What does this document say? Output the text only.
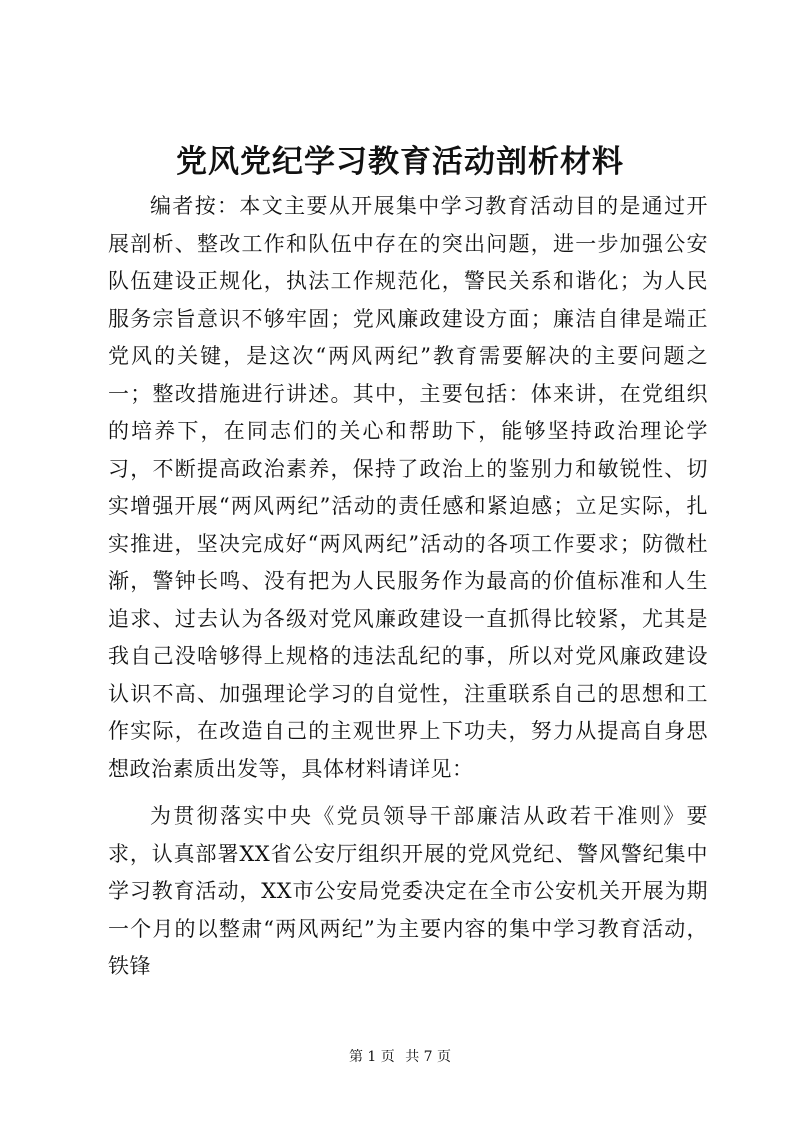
党风党纪学习教育活动剖析材料

编者按：本文主要从开展集中学习教育活动目的是通过开展剖析、整改工作和队伍中存在的突出问题，进一步加强公安队伍建设正规化，执法工作规范化，警民关系和谐化；为人民服务宗旨意识不够牢固；党风廉政建设方面；廉洁自律是端正党风的关键，是这次“两风两纪”教育需要解决的主要问题之一；整改措施进行讲述。其中，主要包括：体来讲，在党组织的培养下，在同志们的关心和帮助下，能够坚持政治理论学习，不断提高政治素养，保持了政治上的鉴别力和敏锐性、切实增强开展“两风两纪”活动的责任感和紧迫感；立足实际，扎实推进，坚决完成好“两风两纪”活动的各项工作要求；防微杜渐，警钟长鸣、没有把为人民服务作为最高的价值标准和人生追求、过去认为各级对党风廉政建设一直抓得比较紧，尤其是我自己没啥够得上规格的违法乱纪的事，所以对党风廉政建设认识不高、加强理论学习的自觉性，注重联系自己的思想和工作实际，在改造自己的主观世界上下功夫，努力从提高自身思想政治素质出发等，具体材料请详见：

为贯彻落实中央《党员领导干部廉洁从政若干准则》要求，认真部署XX省公安厅组织开展的党风党纪、警风警纪集中学习教育活动，XX市公安局党委决定在全市公安机关开展为期一个月的以整肃“两风两纪”为主要内容的集中学习教育活动，铁锋

第 1 页 共 7 页
